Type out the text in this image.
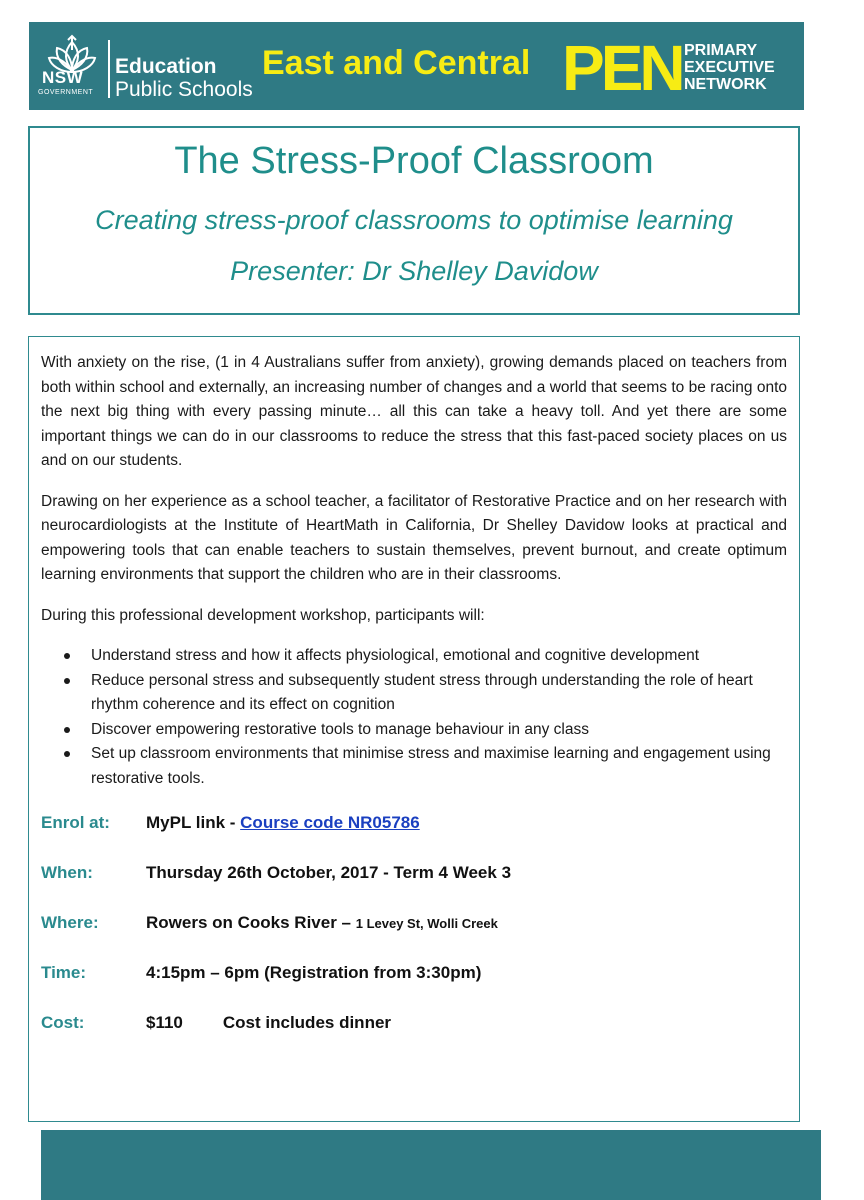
NSW
GOVERNMENT
Education
Public Schools
East and Central PEN PRIMARY
EXECUTIVE
NETWORK
The Stress-Proof Classroom
Creating stress-proof classrooms to optimise learning
Presenter: Dr Shelley Davidow

With anxiety on the rise, (1 in 4 Australians suffer from anxiety), growing demands placed on teachers from both within school and externally, an increasing number of changes and a world that seems to be racing onto the next big thing with every passing minute… all this can take a heavy toll. And yet there are some important things we can do in our classrooms to reduce the stress that this fast-paced society places on us and on our students.

Drawing on her experience as a school teacher, a facilitator of Restorative Practice and on her research with neurocardiologists at the Institute of HeartMath in California, Dr Shelley Davidow looks at practical and empowering tools that can enable teachers to sustain themselves, prevent burnout, and create optimum learning environments that support the children who are in their classrooms.

During this professional development workshop, participants will:

Understand stress and how it affects physiological, emotional and cognitive development
Reduce personal stress and subsequently student stress through understanding the role of heart rhythm coherence and its effect on cognition
Discover empowering restorative tools to manage behaviour in any class
Set up classroom environments that minimise stress and maximise learning and engagement using restorative tools.
Enrol at: MyPL link - Course code NR05786
When:	Thursday 26th October, 2017 - Term 4 Week 3
Where:	Rowers on Cooks River – 1 Levey St, Wolli Creek
Time:	4:15pm – 6pm (Registration from 3:30pm)
Cost:	$110 Cost includes dinner
